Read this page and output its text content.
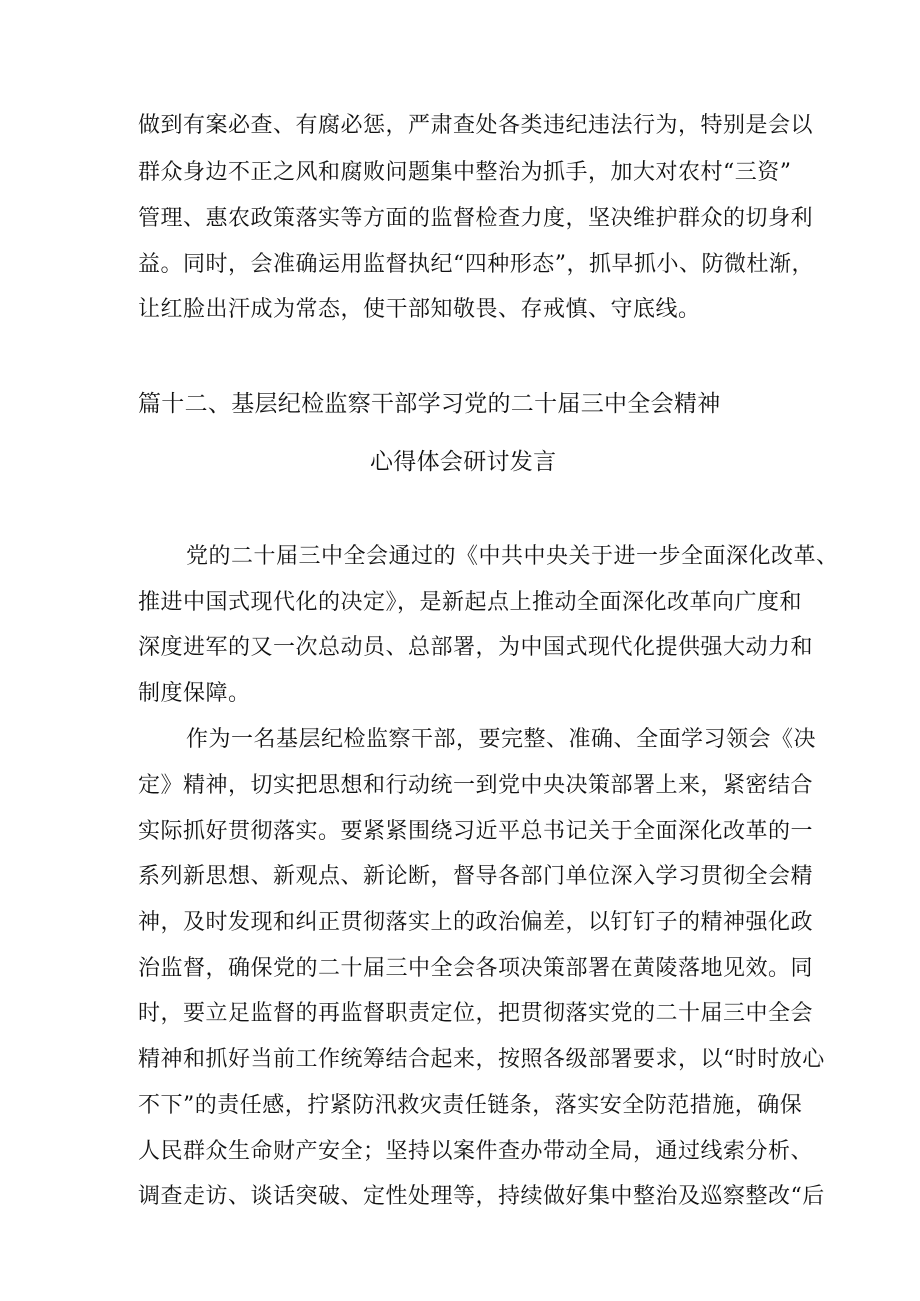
做到有案必查、有腐必惩，严肃查处各类违纪违法行为，特别是会以
群众身边不正之风和腐败问题集中整治为抓手，加大对农村“三资”
管理、惠农政策落实等方面的监督检查力度，坚决维护群众的切身利
益。同时，会准确运用监督执纪“四种形态”，抓早抓小、防微杜渐，
让红脸出汗成为常态，使干部知敬畏、存戒慎、守底线。
篇十二、基层纪检监察干部学习党的二十届三中全会精神
心得体会研讨发言
党的二十届三中全会通过的《中共中央关于进一步全面深化改革、
推进中国式现代化的决定》，是新起点上推动全面深化改革向广度和
深度进军的又一次总动员、总部署，为中国式现代化提供强大动力和
制度保障。
作为一名基层纪检监察干部，要完整、准确、全面学习领会《决
定》精神，切实把思想和行动统一到党中央决策部署上来，紧密结合
实际抓好贯彻落实。要紧紧围绕习近平总书记关于全面深化改革的一
系列新思想、新观点、新论断，督导各部门单位深入学习贯彻全会精
神，及时发现和纠正贯彻落实上的政治偏差，以钉钉子的精神强化政
治监督，确保党的二十届三中全会各项决策部署在黄陵落地见效。同
时，要立足监督的再监督职责定位，把贯彻落实党的二十届三中全会
精神和抓好当前工作统筹结合起来，按照各级部署要求，以“时时放心
不下”的责任感，拧紧防汛救灾责任链条，落实安全防范措施，确保
人民群众生命财产安全；坚持以案件查办带动全局，通过线索分析、
调查走访、谈话突破、定性处理等，持续做好集中整治及巡察整改“后
